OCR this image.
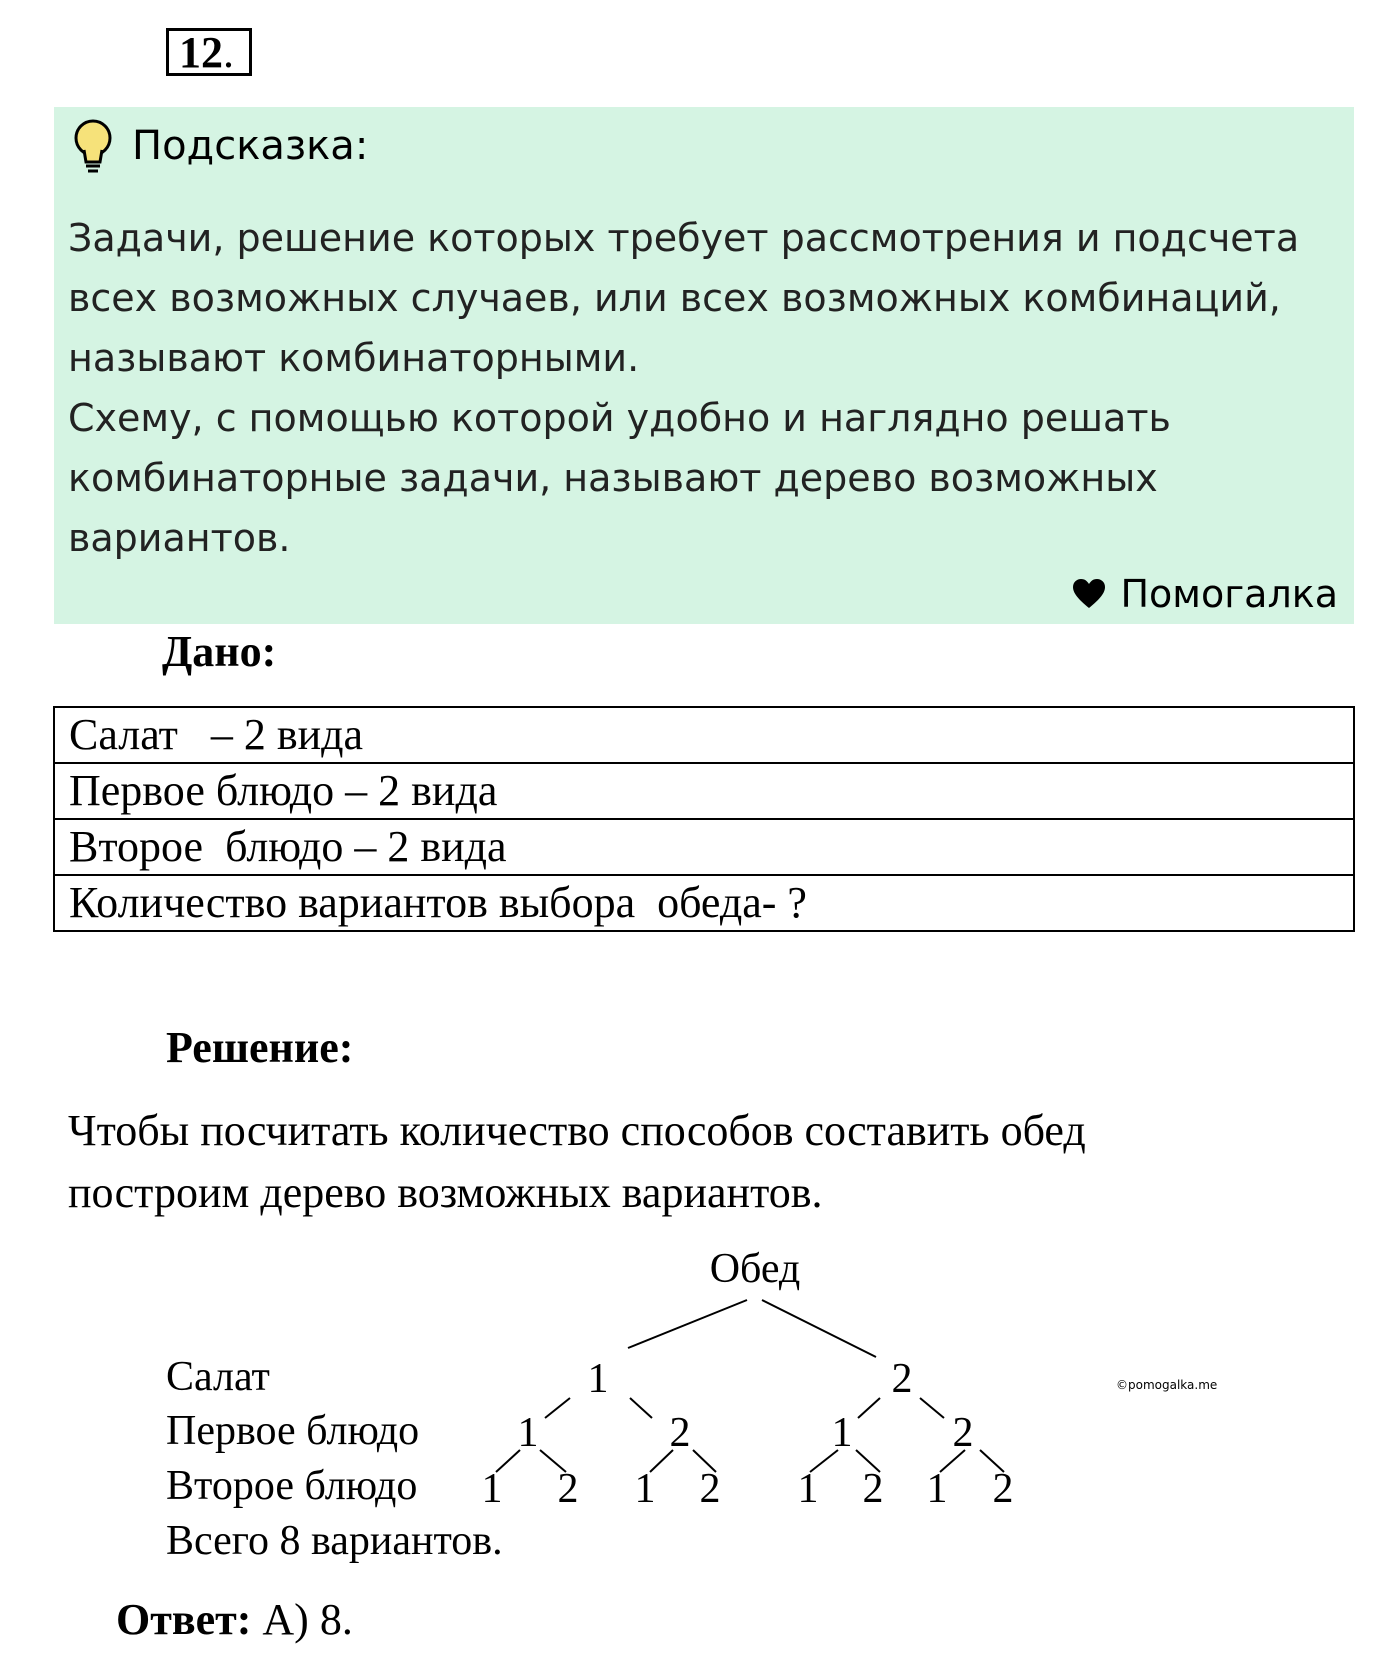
12.
Подсказка:
Задачи, решение которых требует рассмотрения и подсчета
всех возможных случаев, или всех возможных комбинаций,
называют комбинаторными.
Схему, с помощью которой удобно и наглядно решать
комбинаторные задачи, называют дерево возможных
вариантов.
Помогалка
Дано:
Салат   – 2 вида
Первое блюдо – 2 вида
Второе  блюдо – 2 вида
Количество вариантов выбора  обеда- ?
Решение:
Чтобы посчитать количество способов составить обед
построим дерево возможных вариантов.
Обед
1	2
1	2	1 2
1 2 1 2 1 2 1 2
Салат
Первое блюдо
Второе блюдо
Всего 8 вариантов.
©pomogalka.me
Ответ: А) 8.
